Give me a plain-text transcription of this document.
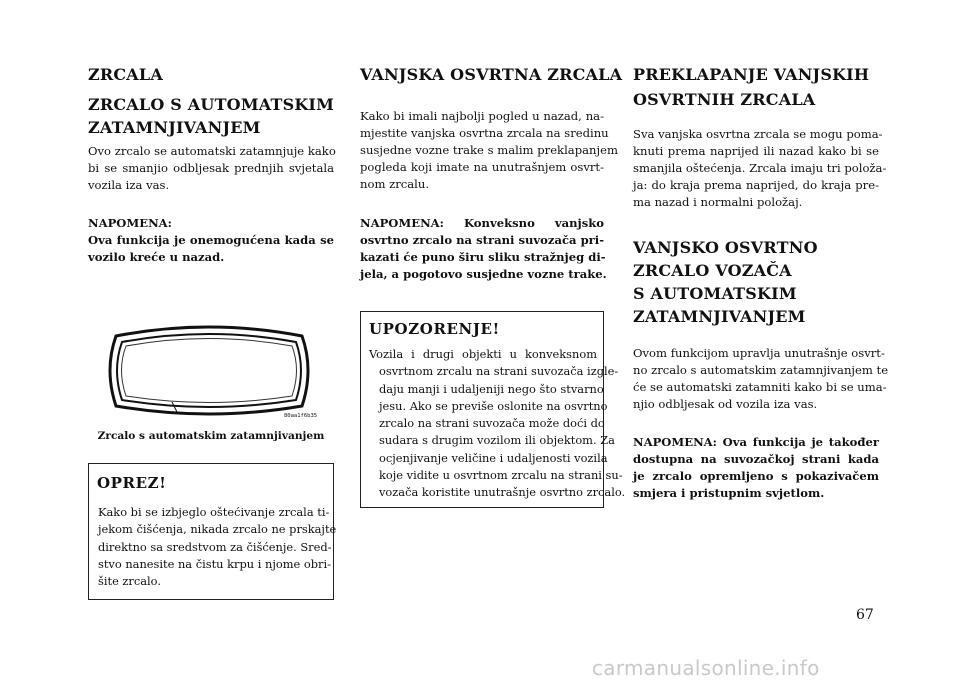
ZRCALA
ZRCALO S AUTOMATSKIM
ZATAMNJIVANJEM
Ovo zrcalo se automatski zatamnjuje kako
bi se smanjio odbljesak prednjih svjetala
vozila iza vas.
NAPOMENA:
Ova funkcija je onemogućena kada se
vozilo kreće u nazad.
80aa1f6b35
Zrcalo s automatskim zatamnjivanjem
OPREZ!
Kako bi se izbjeglo oštećivanje zrcala ti-
jekom čišćenja, nikada zrcalo ne prskajte
direktno sa sredstvom za čišćenje. Sred-
stvo nanesite na čistu krpu i njome obri-
šite zrcalo.
VANJSKA OSVRTNA ZRCALA
Kako bi imali najbolji pogled u nazad, na-
mjestite vanjska osvrtna zrcala na sredinu
susjedne vozne trake s malim preklapanjem
pogleda koji imate na unutrašnjem osvrt-
nom zrcalu.
NAPOMENA: Konveksno vanjsko
osvrtno zrcalo na strani suvozača pri-
kazati će puno širu sliku stražnjeg di-
jela, a pogotovo susjedne vozne trake.
UPOZORENJE!
Vozila i drugi objekti u konveksnom
osvrtnom zrcalu na strani suvozača izgle-
daju manji i udaljeniji nego što stvarno
jesu. Ako se previše oslonite na osvrtno
zrcalo na strani suvozača može doći do
sudara s drugim vozilom ili objektom. Za
ocjenjivanje veličine i udaljenosti vozila
koje vidite u osvrtnom zrcalu na strani su-
vozača koristite unutrašnje osvrtno zrcalo.
PREKLAPANJE VANJSKIH
OSVRTNIH ZRCALA
Sva vanjska osvrtna zrcala se mogu poma-
knuti prema naprijed ili nazad kako bi se
smanjila oštećenja. Zrcala imaju tri položa-
ja: do kraja prema naprijed, do kraja pre-
ma nazad i normalni položaj.
VANJSKO OSVRTNO
ZRCALO VOZAČA
S AUTOMATSKIM
ZATAMNJIVANJEM
Ovom funkcijom upravlja unutrašnje osvrt-
no zrcalo s automatskim zatamnjivanjem te
će se automatski zatamniti kako bi se uma-
njio odbljesak od vozila iza vas.
NAPOMENA: Ova funkcija je također
dostupna na suvozačkoj strani kada
je zrcalo opremljeno s pokazivačem
smjera i pristupnim svjetlom.
67
carmanualsonline.info
